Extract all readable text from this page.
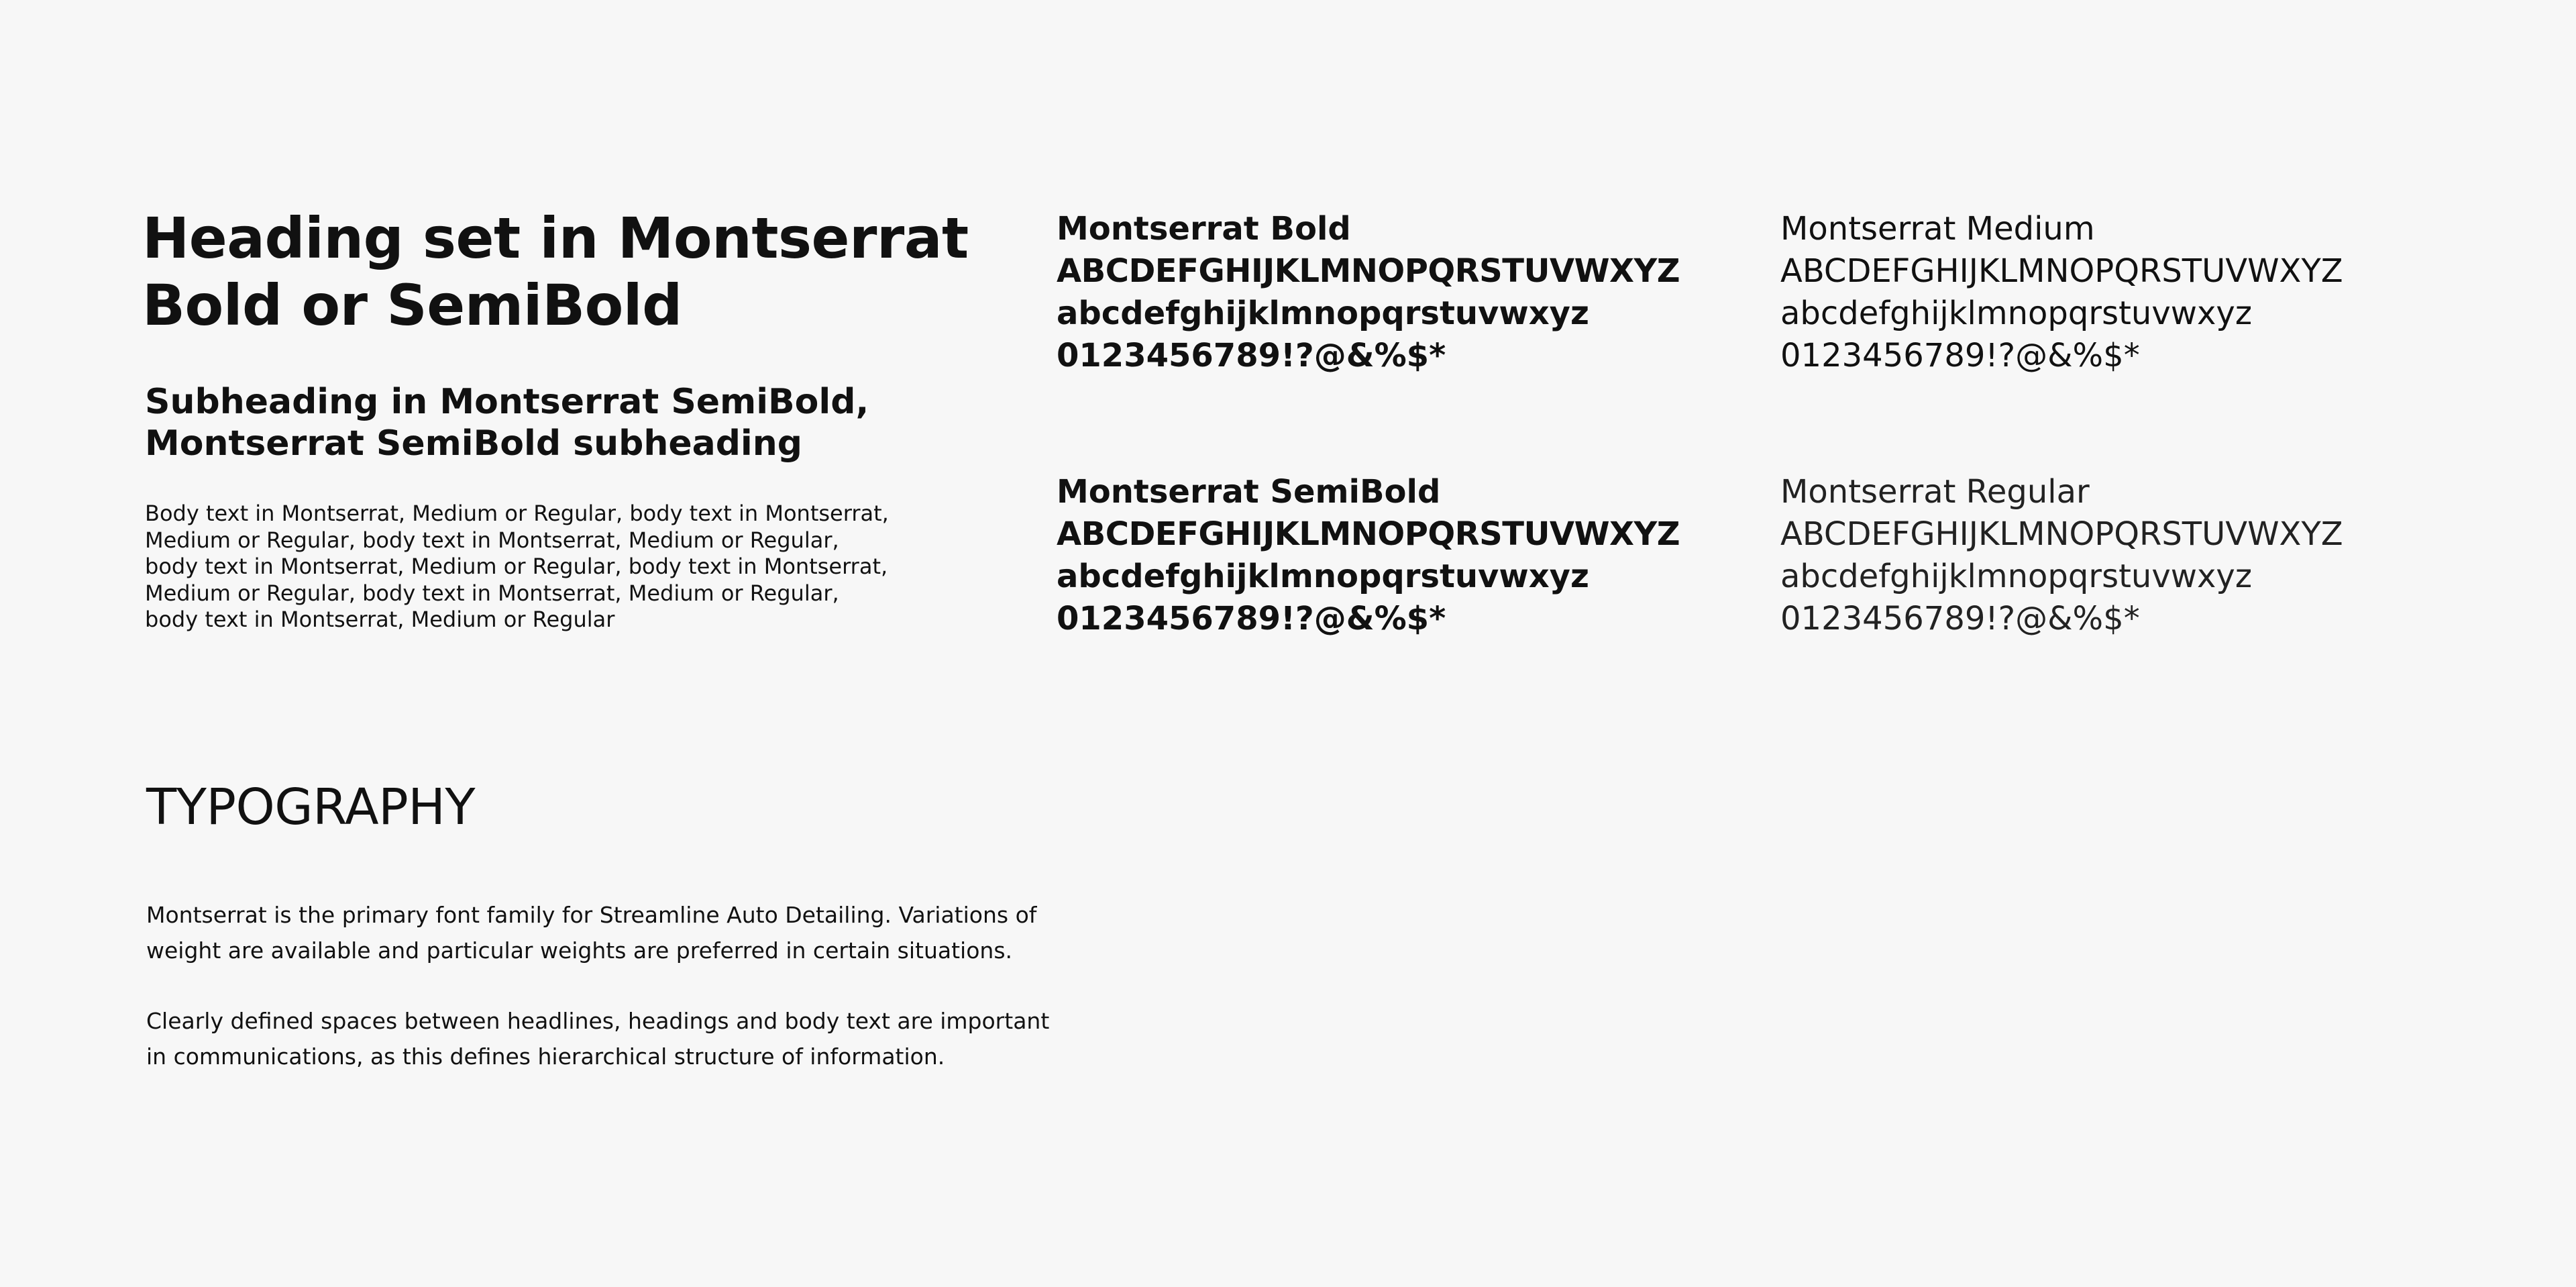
Heading set in Montserrat
Bold or SemiBold
Subheading in Montserrat SemiBold,
Montserrat SemiBold subheading
Body text in Montserrat, Medium or Regular, body text in Montserrat,
Medium or Regular, body text in Montserrat, Medium or Regular,
body text in Montserrat, Medium or Regular, body text in Montserrat,
Medium or Regular, body text in Montserrat, Medium or Regular,
body text in Montserrat, Medium or Regular
Montserrat Bold
ABCDEFGHIJKLMNOPQRSTUVWXYZ
abcdefghijklmnopqrstuvwxyz
0123456789!?@&%$*
Montserrat Medium
ABCDEFGHIJKLMNOPQRSTUVWXYZ
abcdefghijklmnopqrstuvwxyz
0123456789!?@&%$*
Montserrat SemiBold
ABCDEFGHIJKLMNOPQRSTUVWXYZ
abcdefghijklmnopqrstuvwxyz
0123456789!?@&%$*
Montserrat Regular
ABCDEFGHIJKLMNOPQRSTUVWXYZ
abcdefghijklmnopqrstuvwxyz
0123456789!?@&%$*
TYPOGRAPHY
Montserrat is the primary font family for Streamline Auto Detailing. Variations of
weight are available and particular weights are preferred in certain situations.
Clearly defined spaces between headlines, headings and body text are important
in communications, as this defines hierarchical structure of information.
